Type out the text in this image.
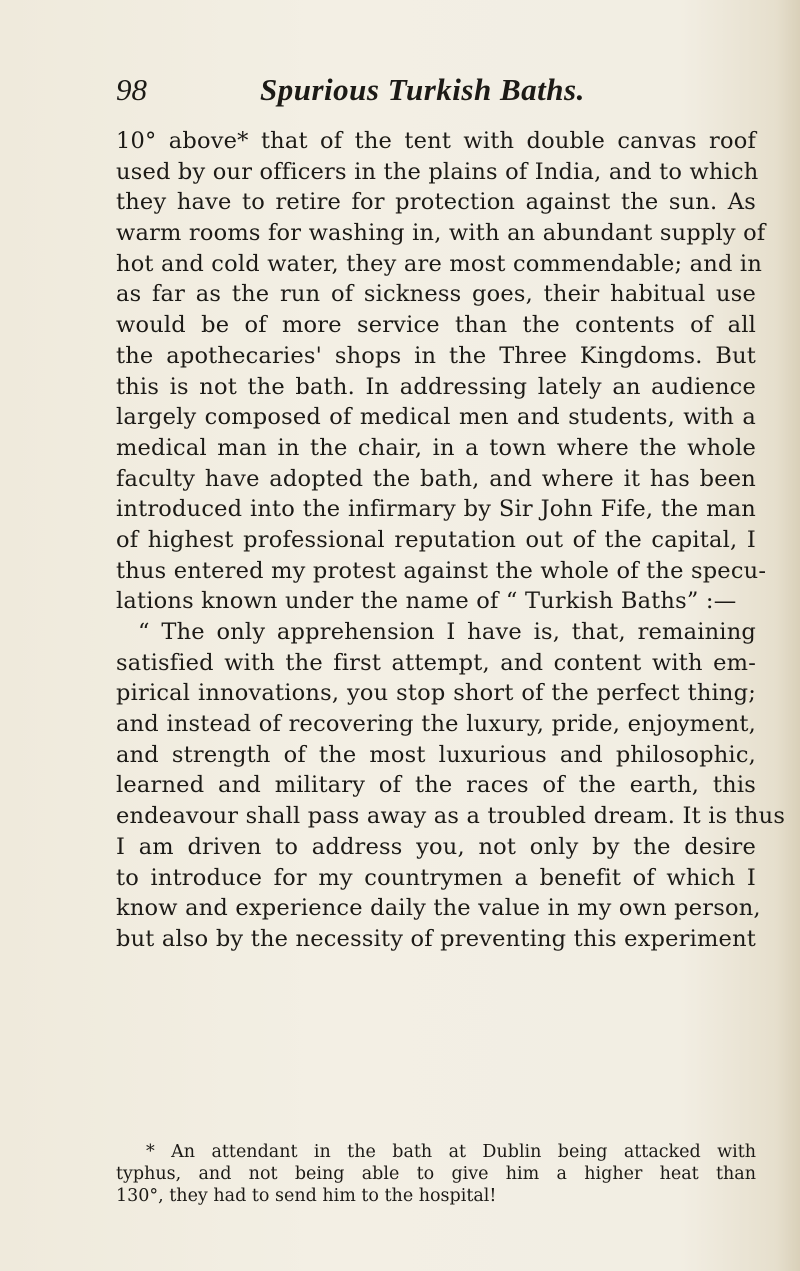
98	Spurious Turkish Baths.
10° above* that of the tent with double canvas roof
used by our officers in the plains of India, and to which
they have to retire for protection against the sun. As
warm rooms for washing in, with an abundant supply of
hot and cold water, they are most commendable; and in
as far as the run of sickness goes, their habitual use
would be of more service than the contents of all
the apothecaries' shops in the Three Kingdoms. But
this is not the bath. In addressing lately an audience
largely composed of medical men and students, with a
medical man in the chair, in a town where the whole
faculty have adopted the bath, and where it has been
introduced into the infirmary by Sir John Fife, the man
of highest professional reputation out of the capital, I
thus entered my protest against the whole of the specu-
lations known under the name of “ Turkish Baths” :—
“ The only apprehension I have is, that, remaining
satisfied with the first attempt, and content with em-
pirical innovations, you stop short of the perfect thing;
and instead of recovering the luxury, pride, enjoyment,
and strength of the most luxurious and philosophic,
learned and military of the races of the earth, this
endeavour shall pass away as a troubled dream. It is thus
I am driven to address you, not only by the desire
to introduce for my countrymen a benefit of which I
know and experience daily the value in my own person,
but also by the necessity of preventing this experiment
* An attendant in the bath at Dublin being attacked with
typhus, and not being able to give him a higher heat than
130°, they had to send him to the hospital!
